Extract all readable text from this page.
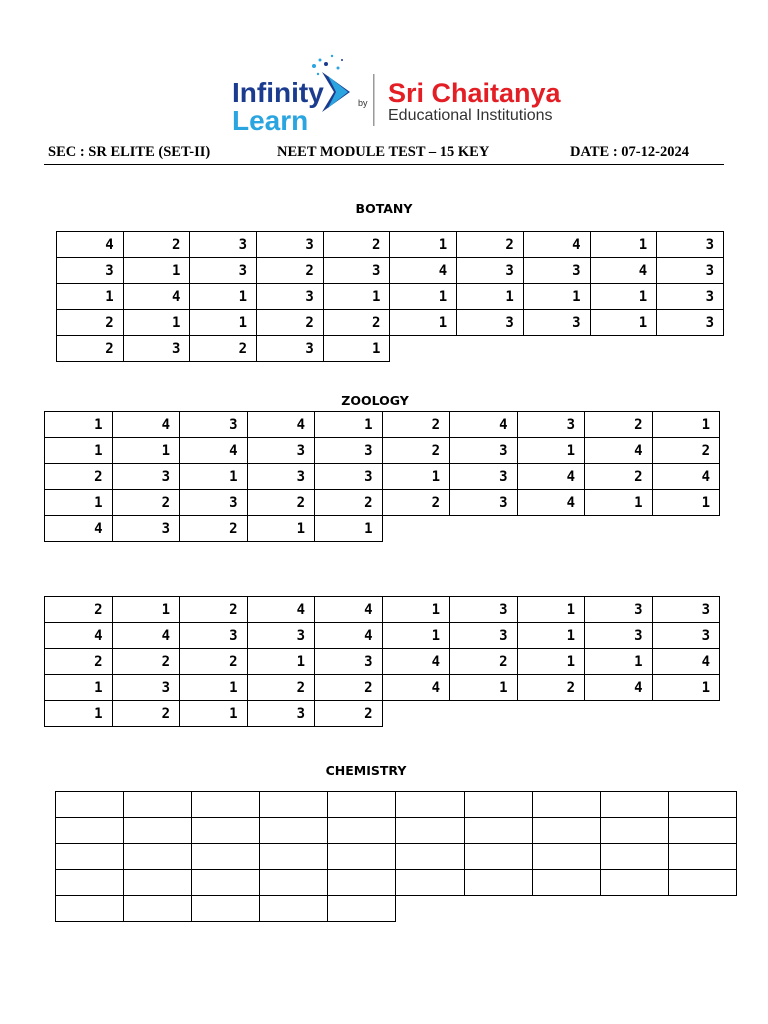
Infinity
Learn
by Sri Chaitanya
Educational Institutions
SEC : SR ELITE (SET-II)	NEET MODULE TEST – 15 KEY	DATE : 07-12-2024
BOTANY
ZOOLOGY
CHEMISTRY
4	2	3	3	2	1	2	4	1	3
3	1	3	2	3	4	3	3	4	3
1	4	1	3	1	1	1	1	1	3
2	1	1	2	2	1	3	3	1	3
2	3	2	3	1					
1	4	3	4	1	2	4	3	2	1
1	1	4	3	3	2	3	1	4	2
2	3	1	3	3	1	3	4	2	4
1	2	3	2	2	2	3	4	1	1
4	3	2	1	1					
2	1	2	4	4	1	3	1	3	3
4	4	3	3	4	1	3	1	3	3
2	2	2	1	3	4	2	1	1	4
1	3	1	2	2	4	1	2	4	1
1	2	1	3	2					
